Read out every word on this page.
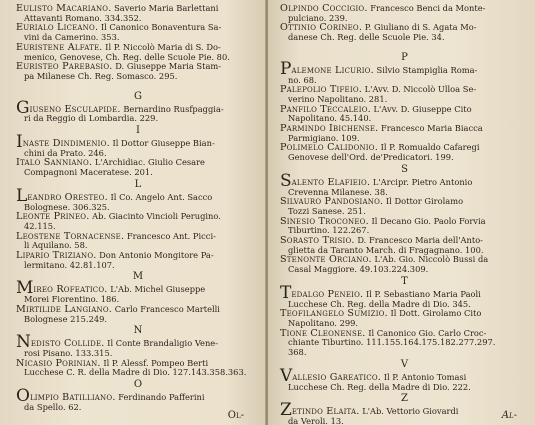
Eulisto Macariano. Saverio Maria Barlettani
Attavanti Romano. 334.352.
Eurialo Liceano. Il Canonico Bonaventura Sa-
vini da Camerino. 353.
Euristene Alfate. Il P. Niccolò Maria di S. Do-
menico, Genovese, Ch. Reg. delle Scuole Pie. 80.
Euristeo Parebasio. D. Giuseppe Maria Stam-
pa Milanese Ch. Reg. Somasco. 295.
G
Giuseno Esculapide. Bernardino Rusfpaggia-
ri da Reggio di Lombardia. 229.
I
Inaste Dindimenio. Il Dottor Giuseppe Bian-
chini da Prato. 246.
Italo Sanniano. L'Archidiac. Giulio Cesare
Compagnoni Maceratese. 201.
L
Leandro Oresteo. Il Co. Angelo Ant. Sacco
Bolognese. 306.325.
Leonte Prineo. Ab. Giacinto Vincioli Perugino.
42.115.
Leostene Tornacense. Francesco Ant. Picci-
li Aquilano. 58.
Lipario Triziano. Don Antonio Mongitore Pa-
lermitano. 42.81.107.
M
Mireo Rofeatico. L'Ab. Michel Giuseppe
Morei Fiorentino. 186.
Mirtilide Langiano. Carlo Francesco Martelli
Bolognese 215.249.
N
Nedisto Collide. Il Conte Brandaligio Vene-
rosi Pisano. 133.315.
Nicasio Porinian. Il P. Alessf. Pompeo Berti
Lucchese C. R. della Madre di Dio. 127.143.358.363.
O
Olimpio Batilliano. Ferdinando Pafferini
da Spello. 62.
Ol-
Olpindo Coccigio. Francesco Benci da Monte-
pulciano. 239.
Ottinio Corineo. P. Giuliano di S. Agata Mo-
danese Ch. Reg. delle Scuole Pie. 34.
P
Palemone Licurio. Silvio Stampiglia Roma-
no. 68.
Palepolio Tifeio. L'Avv. D. Niccolò Ulloa Se-
verino Napolitano. 281.
Panfilo Teccaleio. L'Avv. D. Giuseppe Cito
Napolitano. 45.140.
Parmindo Ibichense. Francesco Maria Biacca
Parmigiano. 109.
Polimelo Calidonio. Il P. Romualdo Cafaregi
Genovese dell'Ord. de'Predicatori. 199.
S
Salento Elafieio. L'Arcipr. Pietro Antonio
Crevenna Milanese. 38.
Silvauro Pandosiano. Il Dottor Girolamo
Tozzi Sanese. 251.
Sinesio Troconeo. Il Decano Gio. Paolo Forvia
Tiburtino. 122.267.
Sorasto Trisio. D. Francesco Maria dell'Anto-
glietta da Taranto March. di Fragagnano. 100.
Stenonte Orciano. L'Ab. Gio. Niccolò Bussi da
Casal Maggiore. 49.103.224.309.
T
Tedalgo Peneio. Il P. Sebastiano Maria Paoli
Lucchese Ch. Reg. della Madre di Dio. 345.
Teofilangelo Sumizio. Il Dott. Girolamo Cito
Napolitano. 299.
Tione Cleonense. Il Canonico Gio. Carlo Croc-
chiante Tiburtino. 111.155.164.175.182.277.297.
368.
V
Vallesio Gareatico. Il P. Antonio Tomasi
Lucchese Ch. Reg. della Madre di Dio. 222.
Z
Zetindo Elaita. L'Ab. Vettorio Giovardi
da Veroli. 13.	Al-
